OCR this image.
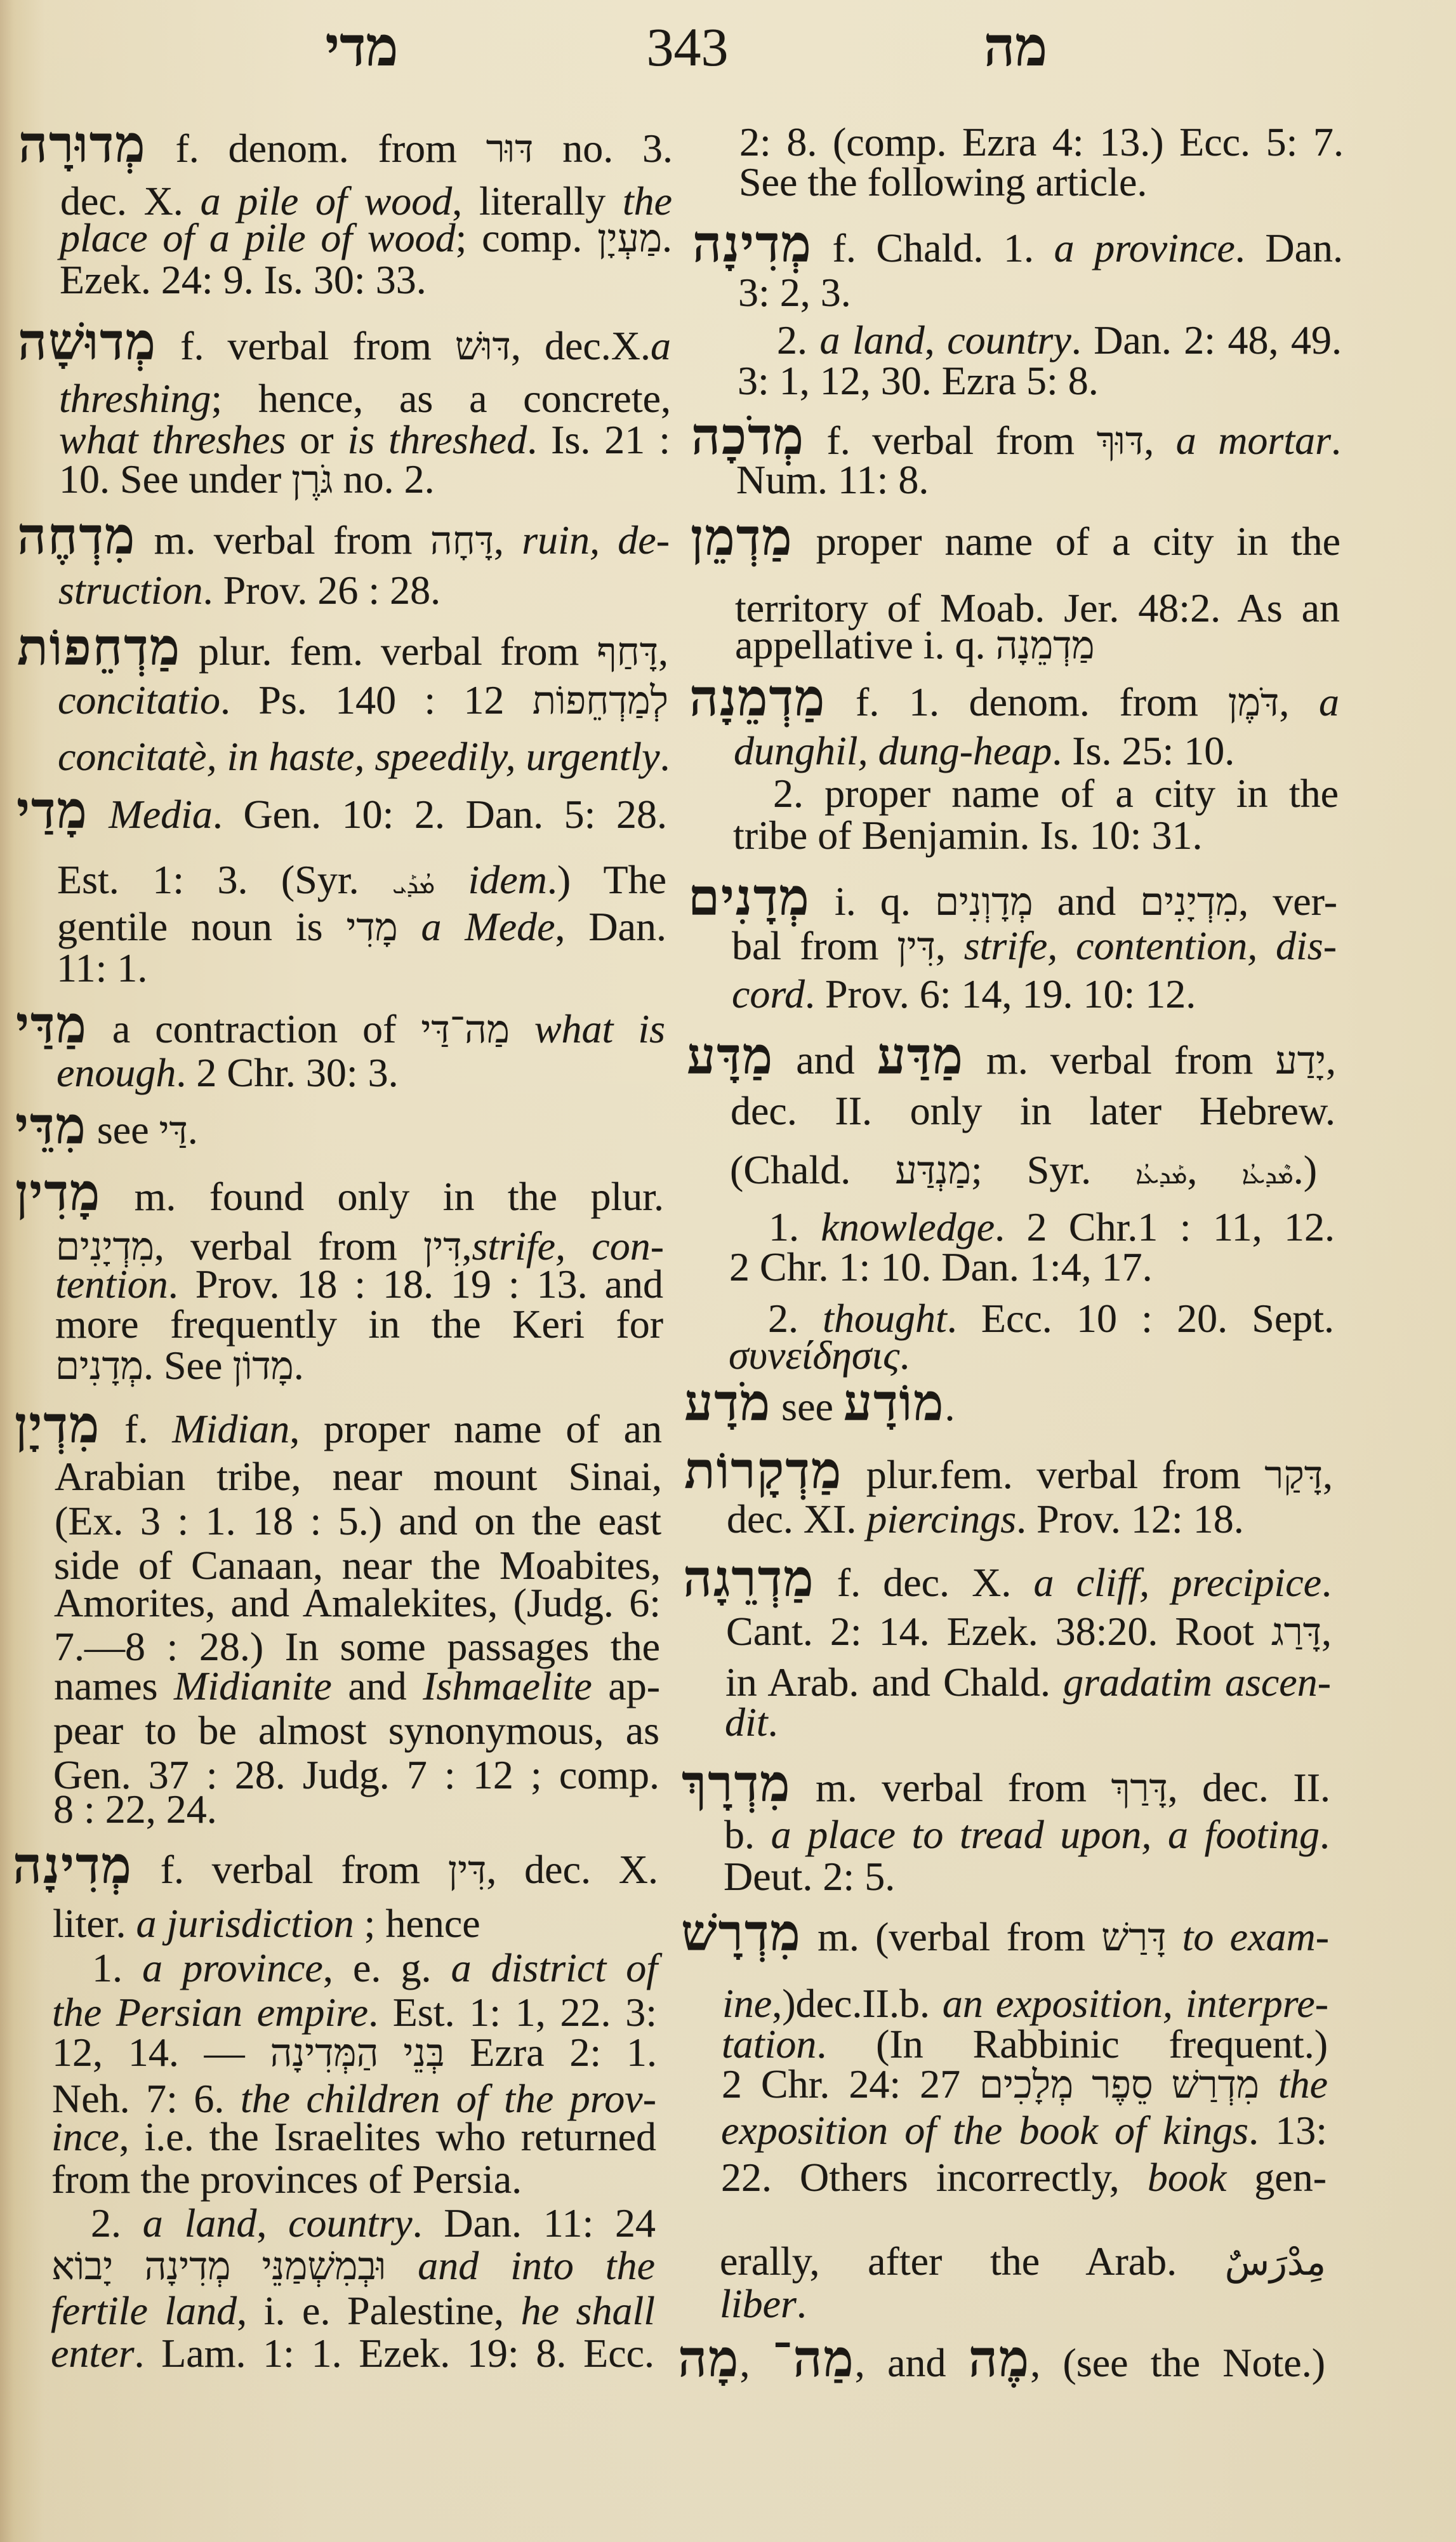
מדי	343	מה
מְדוּרָה f. denom. from דּוּר no. 3.
dec. X. a pile of wood, literally the
place of a pile of wood; comp. מַעְיָן.
Ezek. 24: 9. Is. 30: 33.
מְדוּשָׁה f. verbal from דּוּשׁ, dec.X.a
threshing; hence, as a concrete,
what threshes or is threshed. Is. 21 :
10. See under גֹּרֶן no. 2.
מִדְחֶה m. verbal from דָּחָה, ruin, de-
struction. Prov. 26 : 28.
מַדְחֵפוֹת plur. fem. verbal from דָּחַף,
concitatio. Ps. 140 : 12 לְמַדְחֵפוֹת
concitatè, in haste, speedily, urgently.
מָדַי Media. Gen. 10: 2. Dan. 5: 28.
Est. 1: 3. (Syr. ܡܳܕܰܝ idem.) The
gentile noun is מָדִי a Mede, Dan.
11: 1.
מַדַּי a contraction of מַה־דַּי what is
enough. 2 Chr. 30: 3.
מִדֵּי see דַּי.
מָדִין m. found only in the plur.
מִדְיָנִים, verbal from דִּין,strife, con-
tention. Prov. 18 : 18. 19 : 13. and
more frequently in the Keri for
מְדָנִים. See מָדוֹן.
מִדְיָן f. Midian, proper name of an
Arabian tribe, near mount Sinai,
(Ex. 3 : 1. 18 : 5.) and on the east
side of Canaan, near the Moabites,
Amorites, and Amalekites, (Judg. 6:
7.—8 : 28.) In some passages the
names Midianite and Ishmaelite ap-
pear to be almost synonymous, as
Gen. 37 : 28. Judg. 7 : 12 ; comp.
8 : 22, 24.
מְדִינָה f. verbal from דִּין, dec. X.
liter. a jurisdiction ; hence
1. a province, e. g. a district of
the Persian empire. Est. 1: 1, 22. 3:
12, 14. — בְּנֵי הַמְּדִינָה Ezra 2: 1.
Neh. 7: 6. the children of the prov-
ince, i.e. the Israelites who returned
from the provinces of Persia.
2. a land, country. Dan. 11: 24
וּבְמִשְׁמַנֵּי מְדִינָה יָבוֹא and into the
fertile land, i. e. Palestine, he shall
enter. Lam. 1: 1. Ezek. 19: 8. Ecc.
2: 8. (comp. Ezra 4: 13.) Ecc. 5: 7.
See the following article.
מְדִינָה f. Chald. 1. a province. Dan.
3: 2, 3.
2. a land, country. Dan. 2: 48, 49.
3: 1, 12, 30. Ezra 5: 8.
מְדֹכָה f. verbal from דּוּךְ, a mortar.
Num. 11: 8.
מַדְמֵן proper name of a city in the
territory of Moab. Jer. 48:2. As an
appellative i. q. מַדְמֵנָה
מַדְמֵנָה f. 1. denom. from דֹּמֶן, a
dunghil, dung-heap. Is. 25: 10.
2. proper name of a city in the
tribe of Benjamin. Is. 10: 31.
מְדָנִים i. q. מְדָוְנִים and מִדְיָנִים, ver-
bal from דִּין, strife, contention, dis-
cord. Prov. 6: 14, 19. 10: 12.
מַדָּע and מַדַּע m. verbal from יָדַע,
dec. II. only in later Hebrew.
(Chald. מַנְדַּע; Syr. ܡܰܕܥܳܐ, ܡܶܕܥܳܐ.)
1. knowledge. 2 Chr.1 : 11, 12.
2 Chr. 1: 10. Dan. 1:4, 17.
2. thought. Ecc. 10 : 20. Sept.
συνείδησις.
מֹדָע see מוֹדָע.
מַדְקָרוֹת plur.fem. verbal from דָּקַר,
dec. XI. piercings. Prov. 12: 18.
מַדְרֵגָה f. dec. X. a cliff, precipice.
Cant. 2: 14. Ezek. 38:20. Root דָּרַג,
in Arab. and Chald. gradatim ascen-
dit.
מִדְרָךְ m. verbal from דָּרַךְ, dec. II.
b. a place to tread upon, a footing.
Deut. 2: 5.
מִדְרָשׁ m. (verbal from דָּרַשׁ to exam-
ine,)dec.II.b. an exposition, interpre-
tation. (In Rabbinic frequent.)
2 Chr. 24: 27 מִדְרַשׁ סֵפֶר מְלָכִים the
exposition of the book of kings. 13:
22. Others incorrectly, book gen-
erally, after the Arab. مِدْرَسٌ
liber.
מָה, מַה־, and מֶה, (see the Note.)
